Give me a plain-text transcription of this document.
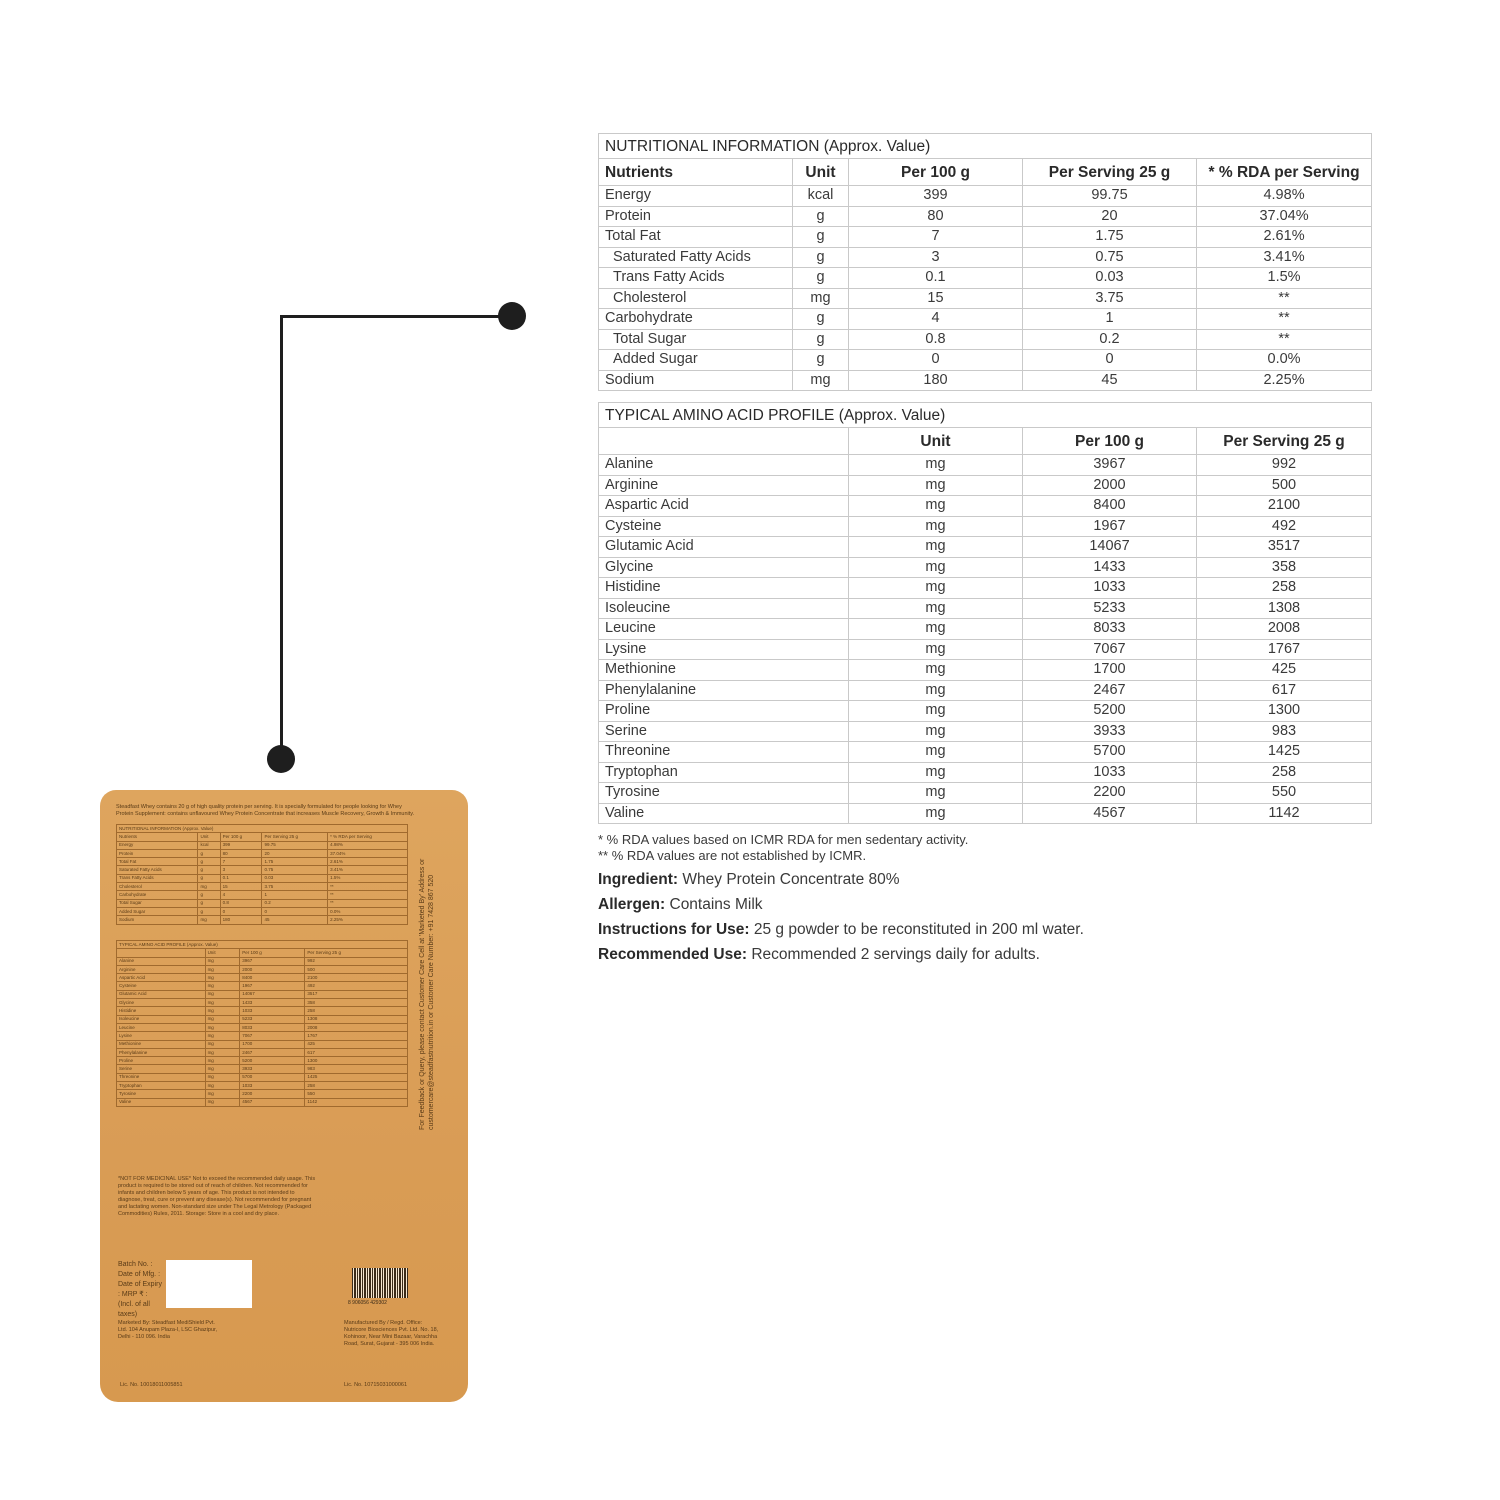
NUTRITIONAL INFORMATION (Approx. Value)				
Nutrients	Unit	Per 100 g	Per Serving 25 g	* % RDA per Serving
Energy	kcal	399	99.75	4.98%
Protein	g	80	20	37.04%
Total Fat	g	7	1.75	2.61%
Saturated Fatty Acids	g	3	0.75	3.41%
Trans Fatty Acids	g	0.1	0.03	1.5%
Cholesterol	mg	15	3.75	**
Carbohydrate	g	4	1	**
Total Sugar	g	0.8	0.2	**
Added Sugar	g	0	0	0.0%
Sodium	mg	180	45	2.25%
TYPICAL AMINO ACID PROFILE (Approx. Value)			
	Unit	Per 100 g	Per Serving 25 g
Alanine	mg	3967	992
Arginine	mg	2000	500
Aspartic Acid	mg	8400	2100
Cysteine	mg	1967	492
Glutamic Acid	mg	14067	3517
Glycine	mg	1433	358
Histidine	mg	1033	258
Isoleucine	mg	5233	1308
Leucine	mg	8033	2008
Lysine	mg	7067	1767
Methionine	mg	1700	425
Phenylalanine	mg	2467	617
Proline	mg	5200	1300
Serine	mg	3933	983
Threonine	mg	5700	1425
Tryptophan	mg	1033	258
Tyrosine	mg	2200	550
Valine	mg	4567	1142
* % RDA values based on ICMR RDA for men sedentary activity.
** % RDA values are not established by ICMR.
Ingredient: Whey Protein Concentrate 80%
Allergen: Contains Milk
Instructions for Use: 25 g powder to be reconstituted in 200 ml water.
Recommended Use: Recommended 2 servings daily for adults.
Steadfast Whey contains 20 g of high quality protein per serving. It is specially formulated for people looking for Whey Protein Supplement: contains unflavoured Whey Protein Concentrate that increases Muscle Recovery, Growth & Immunity.
NUTRITIONAL INFORMATION (Approx. Value)				
Nutrients	Unit	Per 100 g	Per Serving 25 g	* % RDA per Serving
Energy	kcal	399	99.75	4.98%
Protein	g	80	20	37.04%
Total Fat	g	7	1.75	2.61%
Saturated Fatty Acids	g	3	0.75	3.41%
Trans Fatty Acids	g	0.1	0.03	1.5%
Cholesterol	mg	15	3.75	**
Carbohydrate	g	4	1	**
Total Sugar	g	0.8	0.2	**
Added Sugar	g	0	0	0.0%
Sodium	mg	180	45	2.25%
TYPICAL AMINO ACID PROFILE (Approx. Value)			
	Unit	Per 100 g	Per Serving 25 g
Alanine	mg	3967	992
Arginine	mg	2000	500
Aspartic Acid	mg	8400	2100
Cysteine	mg	1967	492
Glutamic Acid	mg	14067	3517
Glycine	mg	1433	358
Histidine	mg	1033	258
Isoleucine	mg	5233	1308
Leucine	mg	8033	2008
Lysine	mg	7067	1767
Methionine	mg	1700	425
Phenylalanine	mg	2467	617
Proline	mg	5200	1300
Serine	mg	3933	983
Threonine	mg	5700	1425
Tryptophan	mg	1033	258
Tyrosine	mg	2200	550
Valine	mg	4567	1142
*NOT FOR MEDICINAL USE* Not to exceed the recommended daily usage. This product is required to be stored out of reach of children. Not recommended for infants and children below 5 years of age. This product is not intended to diagnose, treat, cure or prevent any disease(s). Not recommended for pregnant and lactating women. Non-standard size under The Legal Metrology (Packaged Commodities) Rules, 2011. Storage: Store in a cool and dry place.
Batch No. : Date of Mfg. : Date of Expiry : MRP ₹ : (Incl. of all taxes)
8 906056 429302
Marketed By: Steadfast MediShield Pvt. Ltd. 104 Anupam Plaza-I, LSC Ghazipur, Delhi - 110 096. India
Manufactured By / Regd. Office: Nutricore Biosciences Pvt. Ltd. No. 18, Kohinoor, Near Mini Bazaar, Varachha Road, Surat, Gujarat - 395 006 India.
Lic. No. 10018011005851	Lic. No. 10715031000061
For Feedback or Query, please contact Customer Care Cell at 'Marketed By' Address or customercare@steadfastnutrition.in or Customer Care Number: +91 7428 867 520
